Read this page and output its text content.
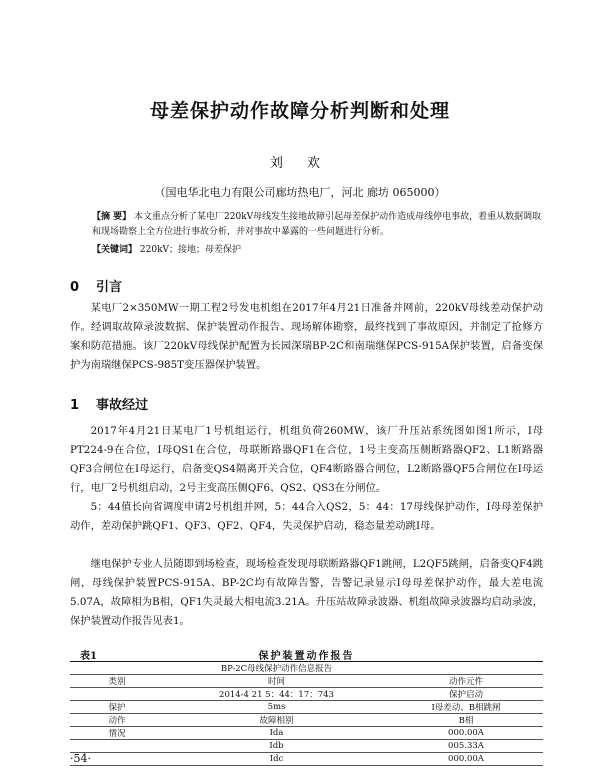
母差保护动作故障分析判断和处理
刘 欢
（国电华北电力有限公司廊坊热电厂，河北 廊坊 065000）
【摘 要】 本文重点分析了某电厂220kV母线发生接地故障引起母差保护动作造成母线停电事故，着重从数据调取和现场勘察上全方位进行事故分析，并对事故中暴露的一些问题进行分析。
【关键词】 220kV；接地；母差保护
0 引言

某电厂2×350MW一期工程2号发电机组在2017年4月21日准备并网前，220kV母线差动保护动作。经调取故障录波数据、保护装置动作报告、现场解体勘察，最终找到了事故原因，并制定了抢修方案和防范措施。该厂220kV母线保护配置为长园深瑞BP-2C和南瑞继保PCS-915A保护装置，启备变保护为南瑞继保PCS-985T变压器保护装置。

1 事故经过

2017年4月21日某电厂1号机组运行，机组负荷260MW，该厂升压站系统图如图1所示，I母PT224-9在合位，I母QS1在合位，母联断路器QF1在合位，1号主变高压侧断路器QF2、L1断路器QF3合闸位在I母运行，启备变QS4隔离开关合位，QF4断路器合闸位，L2断路器QF5合闸位在I母运行，电厂2号机组启动，2号主变高压侧QF6、QS2、QS3在分闸位。

5：44值长向省调度申请2号机组并网，5：44合入QS2，5：44：17母线保护动作，I母母差保护动作，差动保护跳QF1、QF3、QF2、QF4，失灵保护启动，稳态量差动跳I母。

继电保护专业人员随即到场检查，现场检查发现母联断路器QF1跳闸，L2QF5跳闸，启备变QF4跳闸，母线保护装置PCS-915A、BP-2C均有故障告警，告警记录显示I母母差保护动作，最大差电流5.07A，故障相为B相，QF1失灵最大相电流3.21A。升压站故障录波器、机组故障录波器均启动录波，保护装置动作报告见表1。

表1	保护装置动作报告
	BP-2C母线保护动作信息报告	
类别	时间	动作元件
	2014-4 21 5：44：17：743	保护启动
保护	5ms	I母差动、B相跳闸
动作	故障相别	B相
情况	Ida	000.00A
	Idb	005.33A
	Idc	000.00A
·54·
